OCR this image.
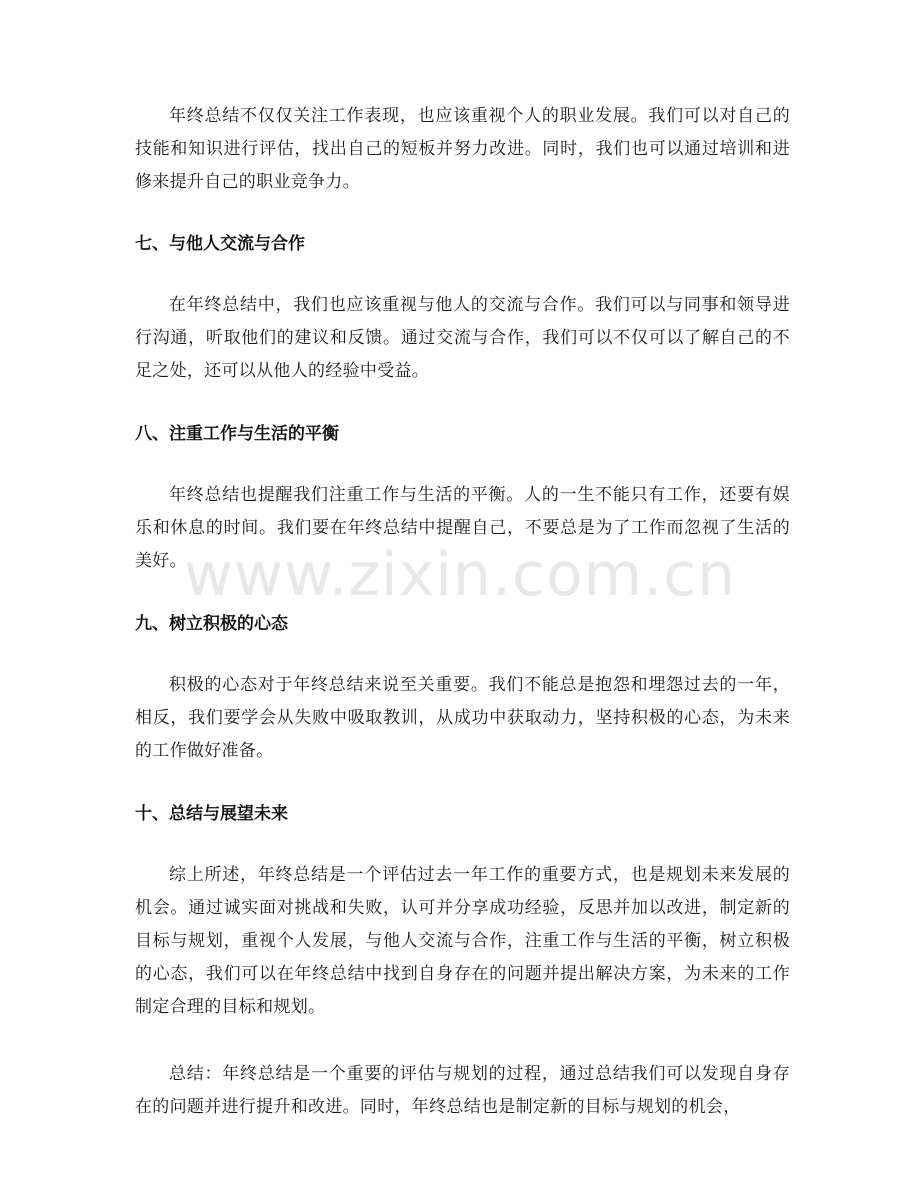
年终总结不仅仅关注工作表现，也应该重视个人的职业发展。我们可以对自己的技能和知识进行评估，找出自己的短板并努力改进。同时，我们也可以通过培训和进修来提升自己的职业竞争力。

七、与他人交流与合作

在年终总结中，我们也应该重视与他人的交流与合作。我们可以与同事和领导进行沟通，听取他们的建议和反馈。通过交流与合作，我们可以不仅可以了解自己的不足之处，还可以从他人的经验中受益。

八、注重工作与生活的平衡

年终总结也提醒我们注重工作与生活的平衡。人的一生不能只有工作，还要有娱乐和休息的时间。我们要在年终总结中提醒自己，不要总是为了工作而忽视了生活的美好。

九、树立积极的心态

积极的心态对于年终总结来说至关重要。我们不能总是抱怨和埋怨过去的一年，相反，我们要学会从失败中吸取教训，从成功中获取动力，坚持积极的心态，为未来的工作做好准备。

十、总结与展望未来

综上所述，年终总结是一个评估过去一年工作的重要方式，也是规划未来发展的机会。通过诚实面对挑战和失败，认可并分享成功经验，反思并加以改进，制定新的目标与规划，重视个人发展，与他人交流与合作，注重工作与生活的平衡，树立积极的心态，我们可以在年终总结中找到自身存在的问题并提出解决方案，为未来的工作制定合理的目标和规划。

总结：年终总结是一个重要的评估与规划的过程，通过总结我们可以发现自身存在的问题并进行提升和改进。同时，年终总结也是制定新的目标与规划的机会，

www.zixin.com.cn
